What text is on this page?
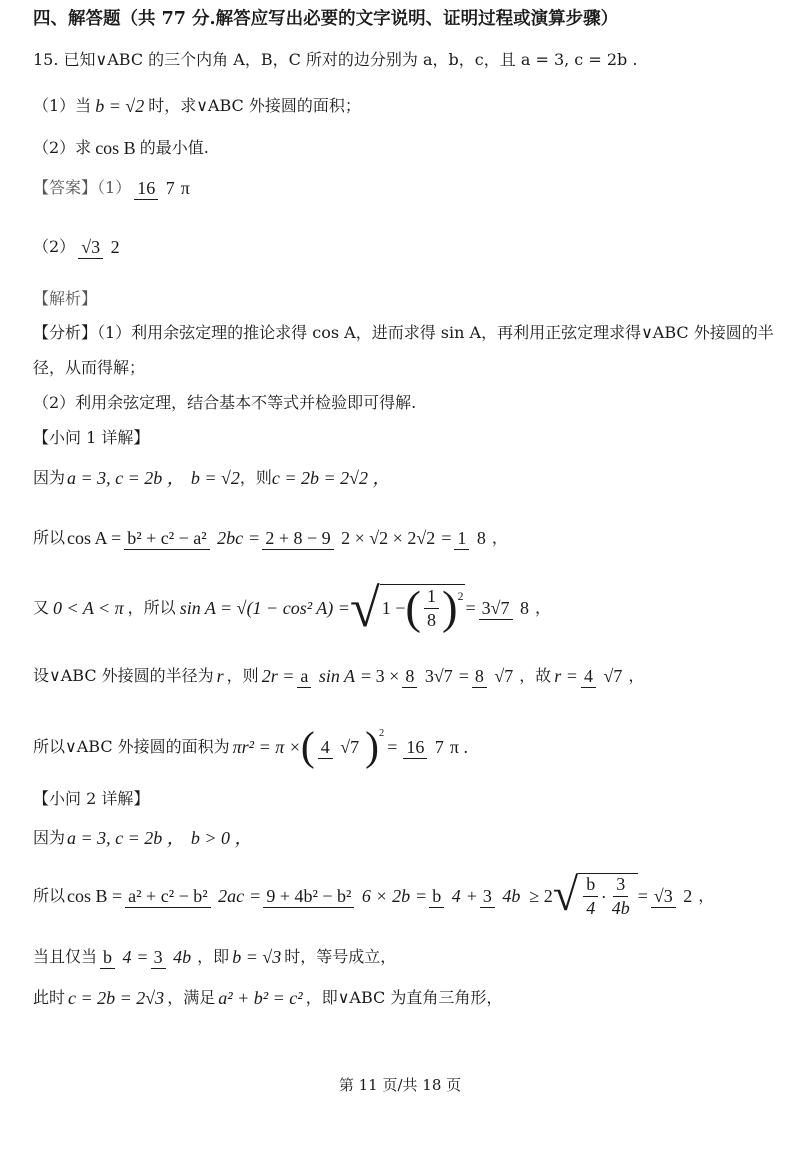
四、解答题（共 77 分.解答应写出必要的文字说明、证明过程或演算步骤）
15. 已知∨ABC 的三个内角 A，B，C 所对的边分别为 a，b，c，且 a = 3, c = 2b .
（1）当 b = √2 时，求∨ABC 外接圆的面积；
（2）求 cos B 的最小值.
【答案】（1） 16 7 π
（2） √3 2
【解析】
【分析】（1）利用余弦定理的推论求得 cos A，进而求得 sin A，再利用正弦定理求得∨ABC 外接圆的半
径，从而得解；
（2）利用余弦定理，结合基本不等式并检验即可得解.
【小问 1 详解】
因为 a = 3, c = 2b ， b = √2 ，则 c = 2b = 2√2 ，
所以 cos A = b² + c² − a² 2bc = 2 + 8 − 9 2 × √2 × 2√2 = 1 8 ，
又 0 < A < π ，所以 sin A = √(1 − cos² A) = √ 1 − ( $\frac{1}{8}$ ) 2
= 3√7 8 ，
设∨ABC 外接圆的半径为 r ，则 2r = a sin A = 3 × 8 3√7 = 8 √7 ，故 r = 4 √7 ，
所以∨ABC 外接圆的面积为 πr² = π × ( 4 √7 ) 2
= 16 7 π .
【小问 2 详解】
因为 a = 3, c = 2b ， b > 0 ，
所以 cos B = a² + c² − b² 2ac = 9 + 4b² − b² 6 × 2b = b 4 + 3 4b ≥ 2 √ $\frac{b}{4} \cdot \frac{3}{4b} = √3$ 2 ，
当且仅当 b 4 = 3 4b ，即 b = √3 时，等号成立，
此时 c = 2b = 2√3 ，满足 a² + b² = c² ，即∨ABC 为直角三角形，
第 11 页/共 18 页
